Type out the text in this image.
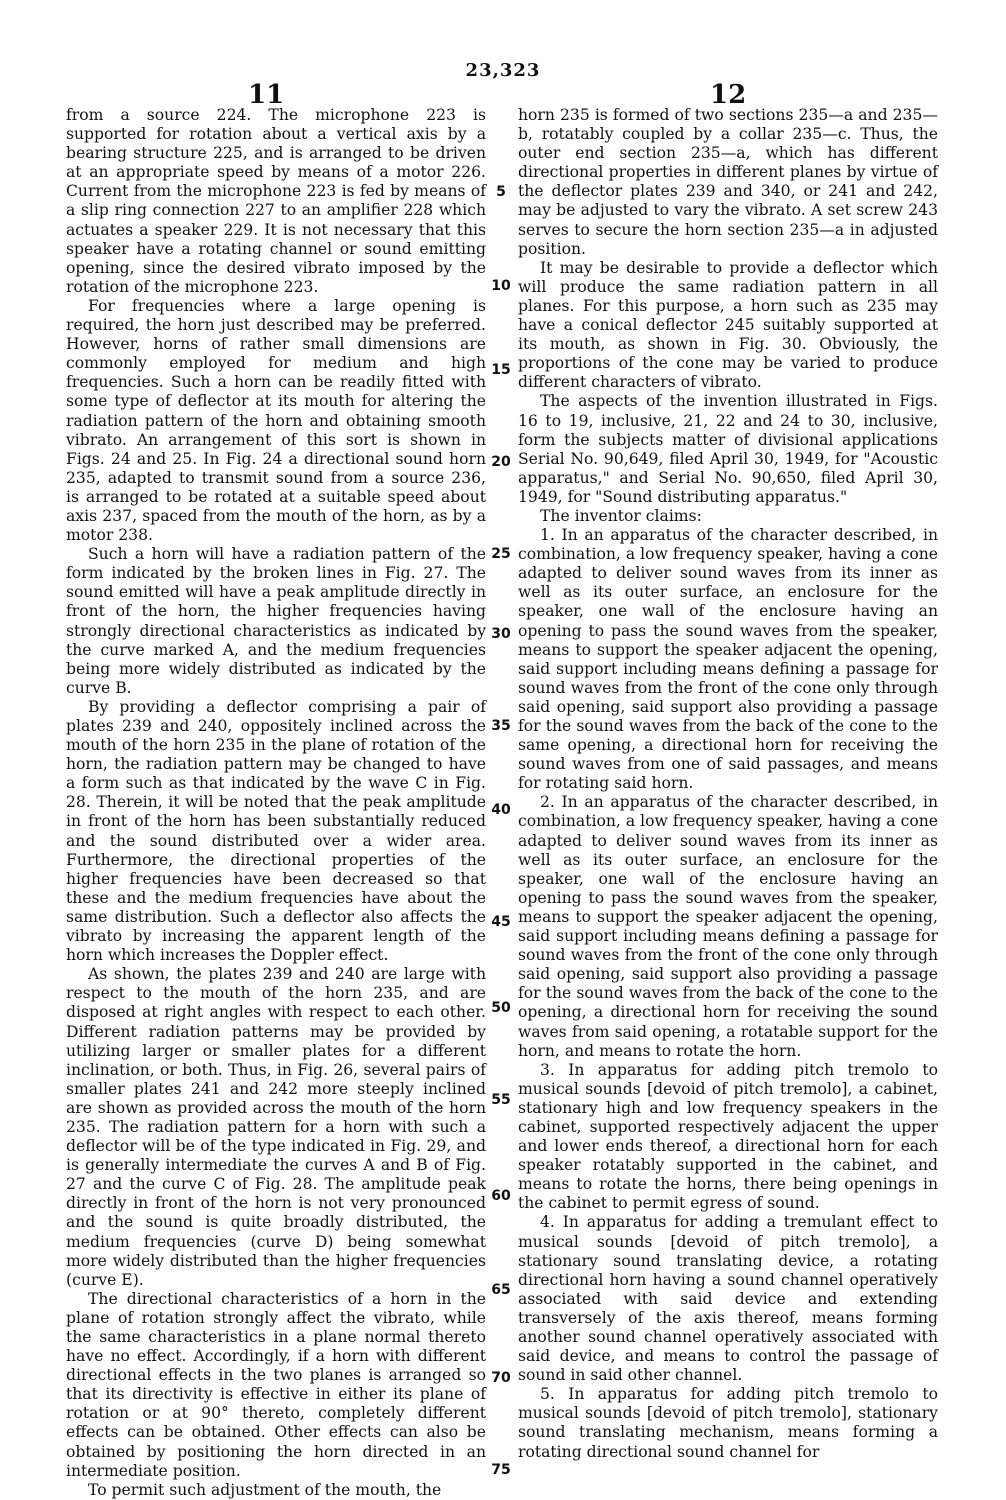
23,323
11	12

from a source 224. The microphone 223 is supported for rotation about a vertical axis by a bearing structure 225, and is arranged to be driven at an appropriate speed by means of a motor 226. Current from the microphone 223 is fed by means of a slip ring connection 227 to an amplifier 228 which actuates a speaker 229. It is not necessary that this speaker have a rotating channel or sound emitting opening, since the desired vibrato imposed by the rotation of the microphone 223.

For frequencies where a large opening is required, the horn just described may be preferred. However, horns of rather small dimensions are commonly employed for medium and high frequencies. Such a horn can be readily fitted with some type of deflector at its mouth for altering the radiation pattern of the horn and obtaining smooth vibrato. An arrangement of this sort is shown in Figs. 24 and 25. In Fig. 24 a directional sound horn 235, adapted to transmit sound from a source 236, is arranged to be rotated at a suitable speed about axis 237, spaced from the mouth of the horn, as by a motor 238.

Such a horn will have a radiation pattern of the form indicated by the broken lines in Fig. 27. The sound emitted will have a peak amplitude directly in front of the horn, the higher frequencies having strongly directional characteristics as indicated by the curve marked A, and the medium frequencies being more widely distributed as indicated by the curve B.

By providing a deflector comprising a pair of plates 239 and 240, oppositely inclined across the mouth of the horn 235 in the plane of rotation of the horn, the radiation pattern may be changed to have a form such as that indicated by the wave C in Fig. 28. Therein, it will be noted that the peak amplitude in front of the horn has been substantially reduced and the sound distributed over a wider area. Furthermore, the directional properties of the higher frequencies have been decreased so that these and the medium frequencies have about the same distribution. Such a deflector also affects the vibrato by increasing the apparent length of the horn which increases the Doppler effect.

As shown, the plates 239 and 240 are large with respect to the mouth of the horn 235, and are disposed at right angles with respect to each other. Different radiation patterns may be provided by utilizing larger or smaller plates for a different inclination, or both. Thus, in Fig. 26, several pairs of smaller plates 241 and 242 more steeply inclined are shown as provided across the mouth of the horn 235. The radiation pattern for a horn with such a deflector will be of the type indicated in Fig. 29, and is generally intermediate the curves A and B of Fig. 27 and the curve C of Fig. 28. The amplitude peak directly in front of the horn is not very pronounced and the sound is quite broadly distributed, the medium frequencies (curve D) being somewhat more widely distributed than the higher frequencies (curve E).

The directional characteristics of a horn in the plane of rotation strongly affect the vibrato, while the same characteristics in a plane normal thereto have no effect. Accordingly, if a horn with different directional effects in the two planes is arranged so that its directivity is effective in either its plane of rotation or at 90° thereto, completely different effects can be obtained. Other effects can also be obtained by positioning the horn directed in an intermediate position.

To permit such adjustment of the mouth, the

5
10
15
20
25
30
35
40
45
50
55
60
65
70
75

horn 235 is formed of two sections 235—a and 235—b, rotatably coupled by a collar 235—c. Thus, the outer end section 235—a, which has different directional properties in different planes by virtue of the deflector plates 239 and 340, or 241 and 242, may be adjusted to vary the vibrato. A set screw 243 serves to secure the horn section 235—a in adjusted position.

It may be desirable to provide a deflector which will produce the same radiation pattern in all planes. For this purpose, a horn such as 235 may have a conical deflector 245 suitably supported at its mouth, as shown in Fig. 30. Obviously, the proportions of the cone may be varied to produce different characters of vibrato.

The aspects of the invention illustrated in Figs. 16 to 19, inclusive, 21, 22 and 24 to 30, inclusive, form the subjects matter of divisional applications Serial No. 90,649, filed April 30, 1949, for "Acoustic apparatus," and Serial No. 90,650, filed April 30, 1949, for "Sound distributing apparatus."

The inventor claims:

1. In an apparatus of the character described, in combination, a low frequency speaker, having a cone adapted to deliver sound waves from its inner as well as its outer surface, an enclosure for the speaker, one wall of the enclosure having an opening to pass the sound waves from the speaker, means to support the speaker adjacent the opening, said support including means defining a passage for sound waves from the front of the cone only through said opening, said support also providing a passage for the sound waves from the back of the cone to the same opening, a directional horn for receiving the sound waves from one of said passages, and means for rotating said horn.

2. In an apparatus of the character described, in combination, a low frequency speaker, having a cone adapted to deliver sound waves from its inner as well as its outer surface, an enclosure for the speaker, one wall of the enclosure having an opening to pass the sound waves from the speaker, means to support the speaker adjacent the opening, said support including means defining a passage for sound waves from the front of the cone only through said opening, said support also providing a passage for the sound waves from the back of the cone to the opening, a directional horn for receiving the sound waves from said opening, a rotatable support for the horn, and means to rotate the horn.

3. In apparatus for adding pitch tremolo to musical sounds [devoid of pitch tremolo], a cabinet, stationary high and low frequency speakers in the cabinet, supported respectively adjacent the upper and lower ends thereof, a directional horn for each speaker rotatably supported in the cabinet, and means to rotate the horns, there being openings in the cabinet to permit egress of sound.

4. In apparatus for adding a tremulant effect to musical sounds [devoid of pitch tremolo], a stationary sound translating device, a rotating directional horn having a sound channel operatively associated with said device and extending transversely of the axis thereof, means forming another sound channel operatively associated with said device, and means to control the passage of sound in said other channel.

5. In apparatus for adding pitch tremolo to musical sounds [devoid of pitch tremolo], stationary sound translating mechanism, means forming a rotating directional sound channel for
